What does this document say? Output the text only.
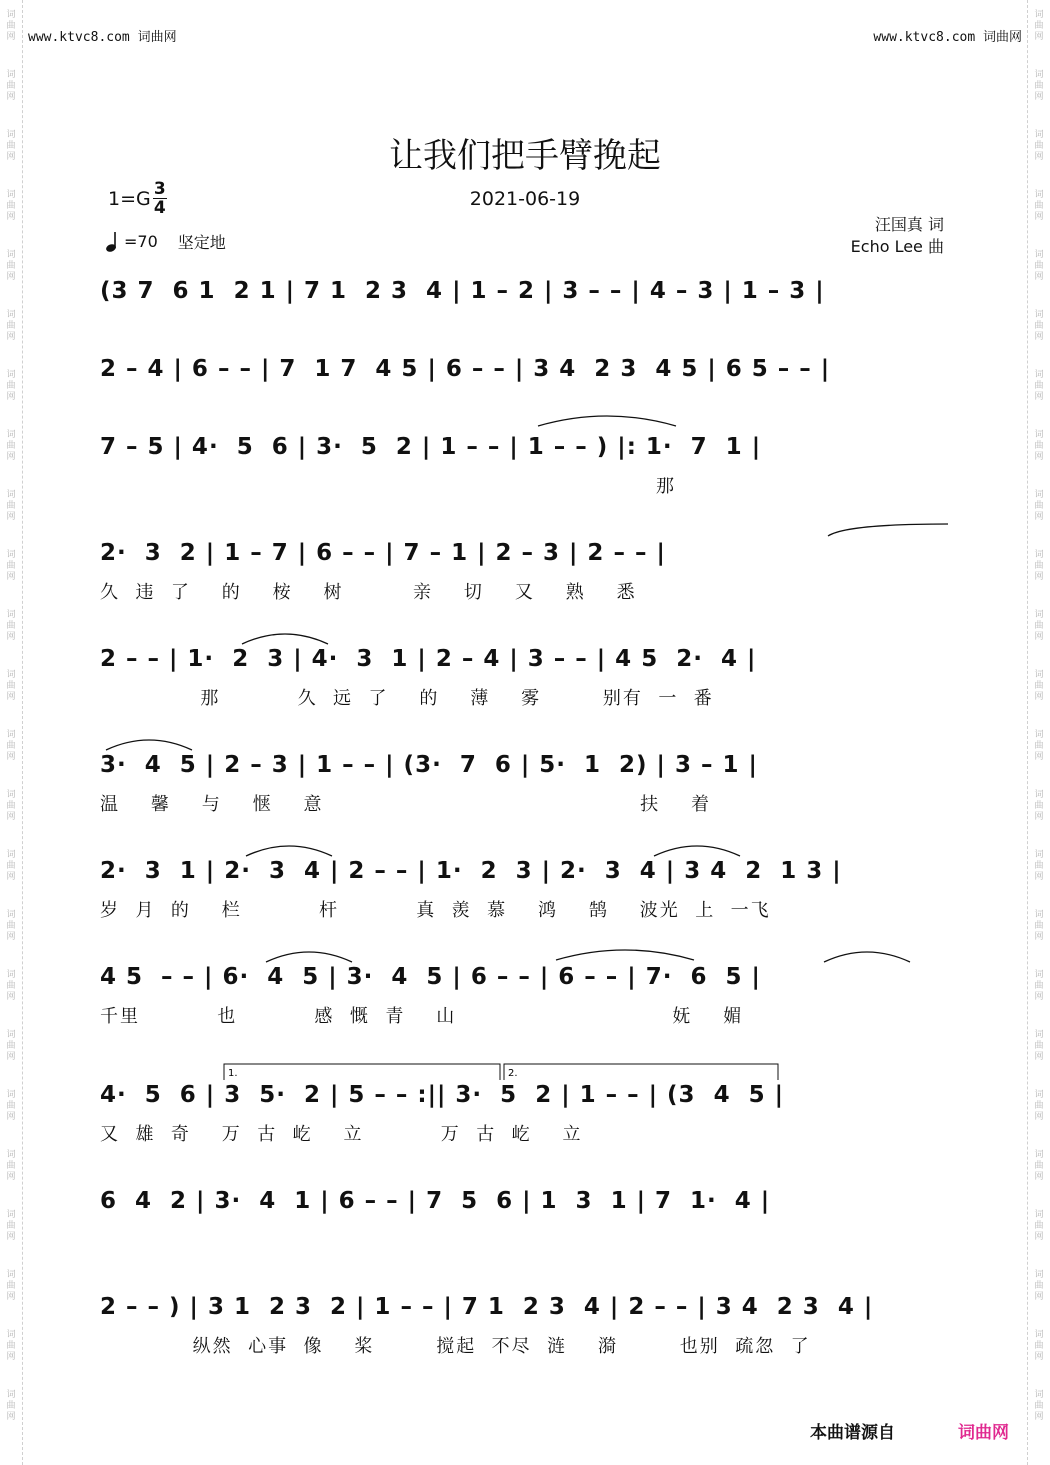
www.ktvc8.com 词曲网	www.ktvc8.com 词曲网
让我们把手臂挽起
2021-06-19
$1=G \frac{3}{4}$
=70 坚定地
汪国真 词
Echo Lee 曲
(3 7  6 1  2 1 | 7 1  2 3  4 | 1 – 2 | 3 – – | 4 – 3 | 1 – 3 |
2 – 4 | 6 – – | 7  1 7  4 5 | 6 – – | 3 4  2 3  4 5 | 6 5 – – |
7 – 5 | 4·  5  6 | 3·  5  2 | 1 – – | 1 – – ) |: 1·  7  1 |
那
2·  3  2 | 1 – 7 | 6 – – | 7 – 1 | 2 – 3 | 2 – – |
久  违  了    的    桉    树         亲    切    又    熟    悉
2 – – | 1·  2  3 | 4·  3  1 | 2 – 4 | 3 – – | 4 5  2·  4 |
那          久  远  了    的    薄    雾        别有  一  番
3·  4  5 | 2 – 3 | 1 – – | (3·  7  6 | 5·  1  2) | 3 – 1 |
温    馨    与    惬    意                                         扶    着
2·  3  1 | 2·  3  4 | 2 – – | 1·  2  3 | 2·  3  4 | 3 4  2  1 3 |
岁  月  的    栏          杆          真  羡  慕    鸿    鹄    波光  上  一飞
4 5  – – | 6·  4  5 | 3·  4  5 | 6 – – | 6 – – | 7·  6  5 |
千里          也          感  慨  青    山                            妩    媚
1.	2.
4·  5  6 | 3  5·  2 | 5 – – :|| 3·  5  2 | 1 – – | (3  4  5 |
又  雄  奇    万  古  屹    立          万  古  屹    立
6  4  2 | 3·  4  1 | 6 – – | 7  5  6 | 1  3  1 | 7  1·  4 |
2 – – ) | 3 1  2 3  2 | 1 – – | 7 1  2 3  4 | 2 – – | 3 4  2 3  4 |
纵然  心事  像    桨        搅起  不尽  涟    漪        也别  疏忽  了
本曲谱源自	词曲网
词
曲
网
词
曲
网
词
曲
网
词
曲
网
词
曲
网
词
曲
网
词
曲
网
词
曲
网
词
曲
网
词
曲
网
词
曲
网
词
曲
网
词
曲
网
词
曲
网
词
曲
网
词
曲
网
词
曲
网
词
曲
网
词
曲
网
词
曲
网
词
曲
网
词
曲
网
词
曲
网
词
曲
网
词
曲
网
词
曲
网
词
曲
网
词
曲
网
词
曲
网
词
曲
网
词
曲
网
词
曲
网
词
曲
网
词
曲
网
词
曲
网
词
曲
网
词
曲
网
词
曲
网
词
曲
网
词
曲
网
词
曲
网
词
曲
网
词
曲
网
词
曲
网
词
曲
网
词
曲
网
词
曲
网
词
曲
网
